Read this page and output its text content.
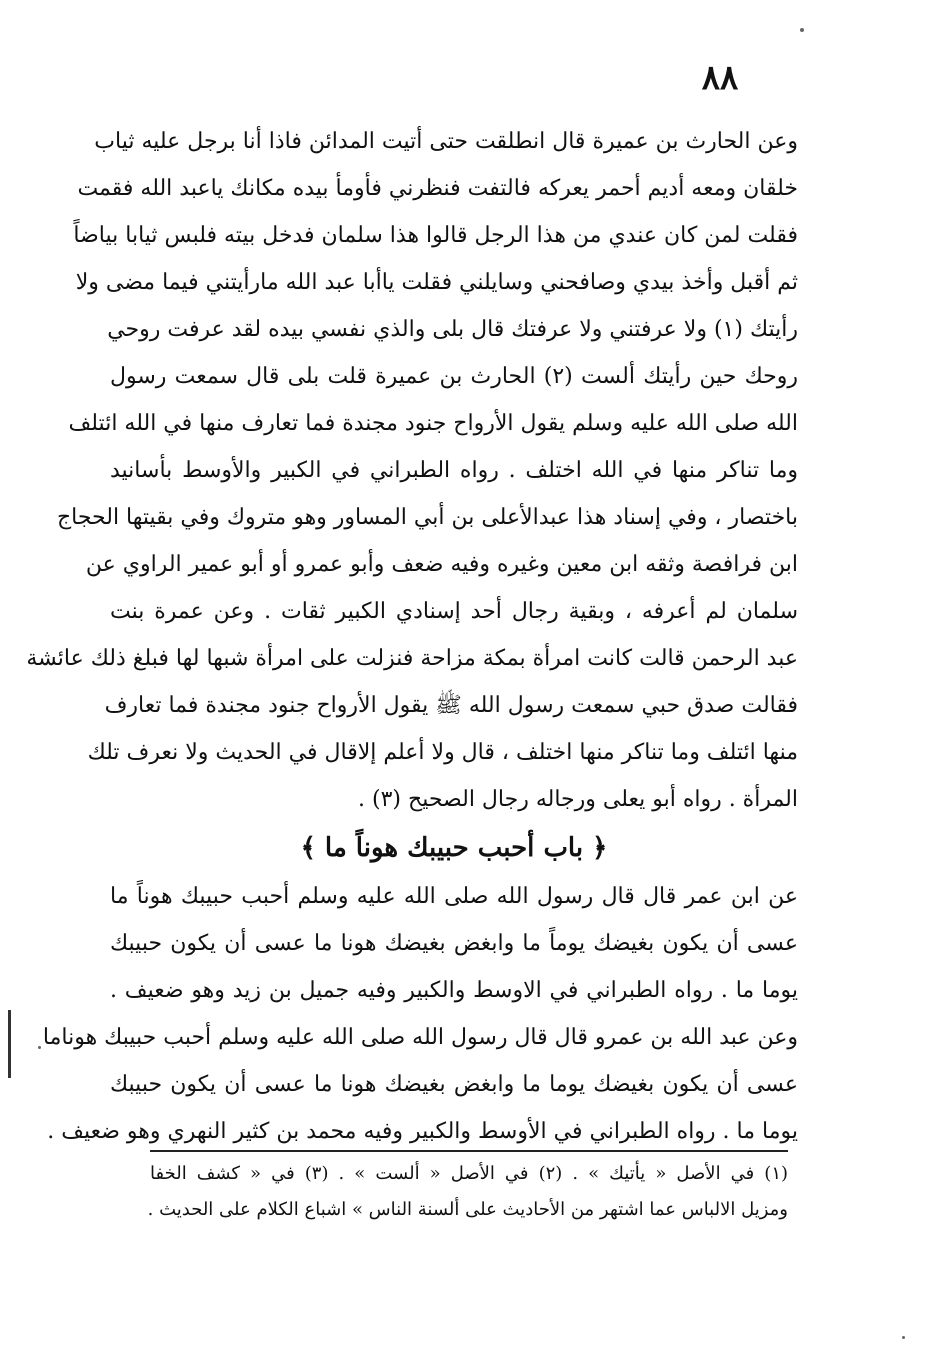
٨٨
وعن الحارث بن عميرة قال انطلقت حتى أتيت المدائن فاذا أنا برجل عليه ثياب
خلقان ومعه أديم أحمر يعركه فالتفت فنظرني فأومأ بيده مكانك ياعبد الله فقمت
فقلت لمن كان عندي من هذا الرجل قالوا هذا سلمان فدخل بيته فلبس ثيابا بياضاً
ثم أقبل وأخذ بيدي وصافحني وسايلني فقلت ياأبا عبد الله مارأيتني فيما مضى ولا
رأيتك (١) ولا عرفتني ولا عرفتك قال بلى والذي نفسي بيده لقد عرفت روحي
روحك حين رأيتك ألست (٢) الحارث بن عميرة قلت بلى قال سمعت رسول
الله صلى الله عليه وسلم يقول الأرواح جنود مجندة فما تعارف منها في الله ائتلف
وما تناكر منها في الله اختلف . رواه الطبراني في الكبير والأوسط بأسانيد
باختصار ، وفي إسناد هذا عبدالأعلى بن أبي المساور وهو متروك وفي بقيتها الحجاج
ابن فرافصة وثقه ابن معين وغيره وفيه ضعف وأبو عمرو أو أبو عمير الراوي عن
سلمان لم أعرفه ، وبقية رجال أحد إسنادي الكبير ثقات . وعن عمرة بنت
عبد الرحمن قالت كانت امرأة بمكة مزاحة فنزلت على امرأة شبها لها فبلغ ذلك عائشة
فقالت صدق حبي سمعت رسول الله ﷺ يقول الأرواح جنود مجندة فما تعارف
منها ائتلف وما تناكر منها اختلف ، قال ولا أعلم إلاقال في الحديث ولا نعرف تلك
المرأة . رواه أبو يعلى ورجاله رجال الصحيح (٣) .
﴿ باب أحبب حبيبك هوناً ما ﴾
عن ابن عمر قال قال رسول الله صلى الله عليه وسلم أحبب حبيبك هوناً ما
عسى أن يكون بغيضك يوماً ما وابغض بغيضك هونا ما عسى أن يكون حبيبك
يوما ما . رواه الطبراني في الاوسط والكبير وفيه جميل بن زيد وهو ضعيف .
وعن عبد الله بن عمرو قال قال رسول الله صلى الله عليه وسلم أحبب حبيبك هوناما
عسى أن يكون بغيضك يوما ما وابغض بغيضك هونا ما عسى أن يكون حبيبك
يوما ما . رواه الطبراني في الأوسط والكبير وفيه محمد بن كثير النهري وهو ضعيف .
(١) في الأصل « يأتيك » . (٢) في الأصل « ألست » . (٣) في « كشف الخفا
ومزيل الالباس عما اشتهر من الأحاديث على ألسنة الناس » اشباع الكلام على الحديث .
